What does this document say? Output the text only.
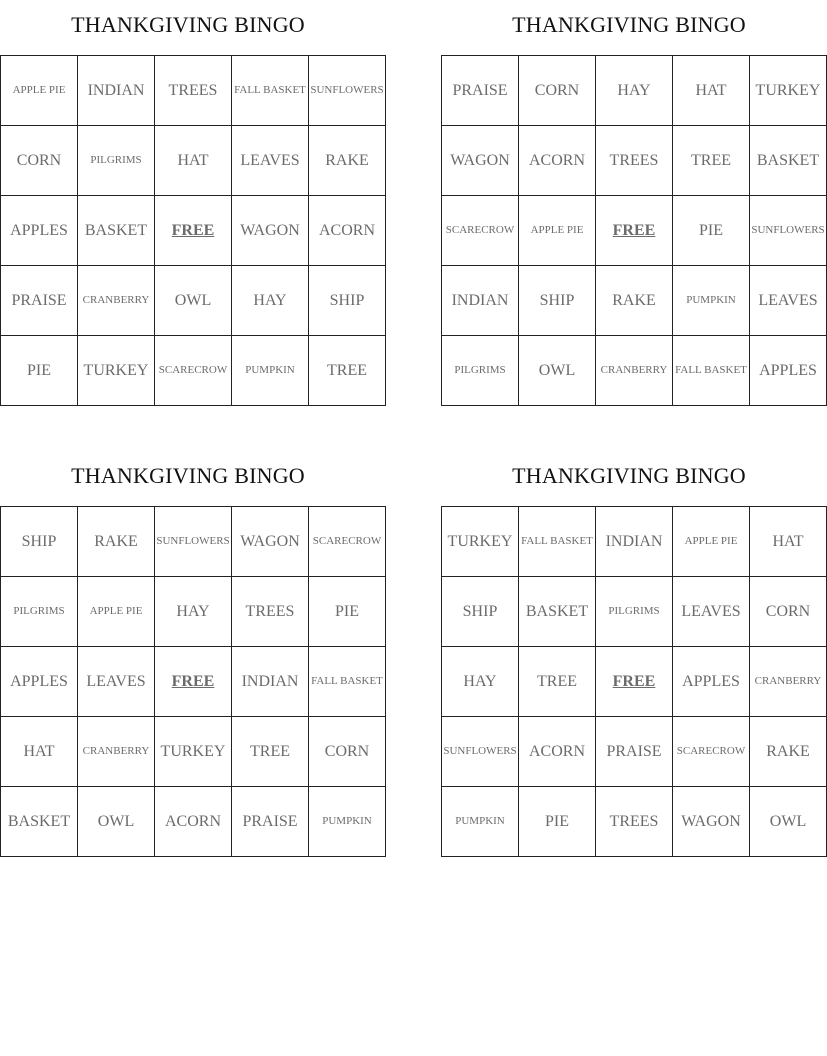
THANKGIVING BINGO
APPLE PIE	INDIAN	TREES	FALL BASKET	SUNFLOWERS
CORN	PILGRIMS	HAT	LEAVES	RAKE
APPLES	BASKET	FREE	WAGON	ACORN
PRAISE	CRANBERRY	OWL	HAY	SHIP
PIE	TURKEY	SCARECROW	PUMPKIN	TREE
THANKGIVING BINGO
PRAISE	CORN	HAY	HAT	TURKEY
WAGON	ACORN	TREES	TREE	BASKET
SCARECROW	APPLE PIE	FREE	PIE	SUNFLOWERS
INDIAN	SHIP	RAKE	PUMPKIN	LEAVES
PILGRIMS	OWL	CRANBERRY	FALL BASKET	APPLES
THANKGIVING BINGO
SHIP	RAKE	SUNFLOWERS	WAGON	SCARECROW
PILGRIMS	APPLE PIE	HAY	TREES	PIE
APPLES	LEAVES	FREE	INDIAN	FALL BASKET
HAT	CRANBERRY	TURKEY	TREE	CORN
BASKET	OWL	ACORN	PRAISE	PUMPKIN
THANKGIVING BINGO
TURKEY	FALL BASKET	INDIAN	APPLE PIE	HAT
SHIP	BASKET	PILGRIMS	LEAVES	CORN
HAY	TREE	FREE	APPLES	CRANBERRY
SUNFLOWERS	ACORN	PRAISE	SCARECROW	RAKE
PUMPKIN	PIE	TREES	WAGON	OWL
